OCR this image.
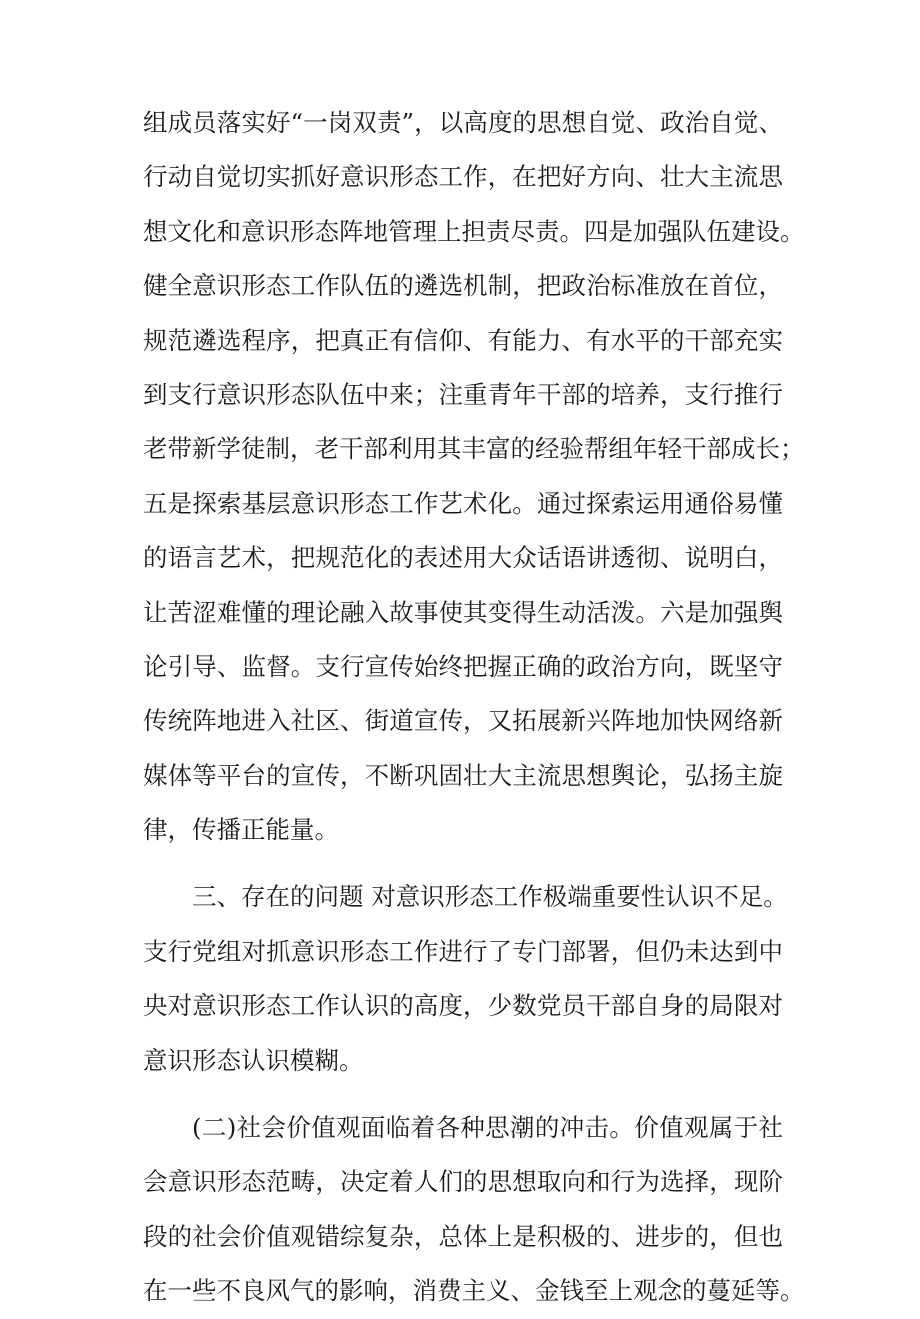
组成员落实好“一岗双责”，以高度的思想自觉、政治自觉、
行动自觉切实抓好意识形态工作，在把好方向、壮大主流思
想文化和意识形态阵地管理上担责尽责。四是加强队伍建设。
健全意识形态工作队伍的遴选机制，把政治标准放在首位，
规范遴选程序，把真正有信仰、有能力、有水平的干部充实
到支行意识形态队伍中来；注重青年干部的培养，支行推行
老带新学徒制，老干部利用其丰富的经验帮组年轻干部成长；
五是探索基层意识形态工作艺术化。通过探索运用通俗易懂
的语言艺术，把规范化的表述用大众话语讲透彻、说明白，
让苦涩难懂的理论融入故事使其变得生动活泼。六是加强舆
论引导、监督。支行宣传始终把握正确的政治方向，既坚守
传统阵地进入社区、街道宣传，又拓展新兴阵地加快网络新
媒体等平台的宣传，不断巩固壮大主流思想舆论，弘扬主旋
律，传播正能量。
三、存在的问题 对意识形态工作极端重要性认识不足。
支行党组对抓意识形态工作进行了专门部署，但仍未达到中
央对意识形态工作认识的高度，少数党员干部自身的局限对
意识形态认识模糊。
(二)社会价值观面临着各种思潮的冲击。价值观属于社
会意识形态范畴，决定着人们的思想取向和行为选择，现阶
段的社会价值观错综复杂，总体上是积极的、进步的，但也
在一些不良风气的影响，消费主义、金钱至上观念的蔓延等。
